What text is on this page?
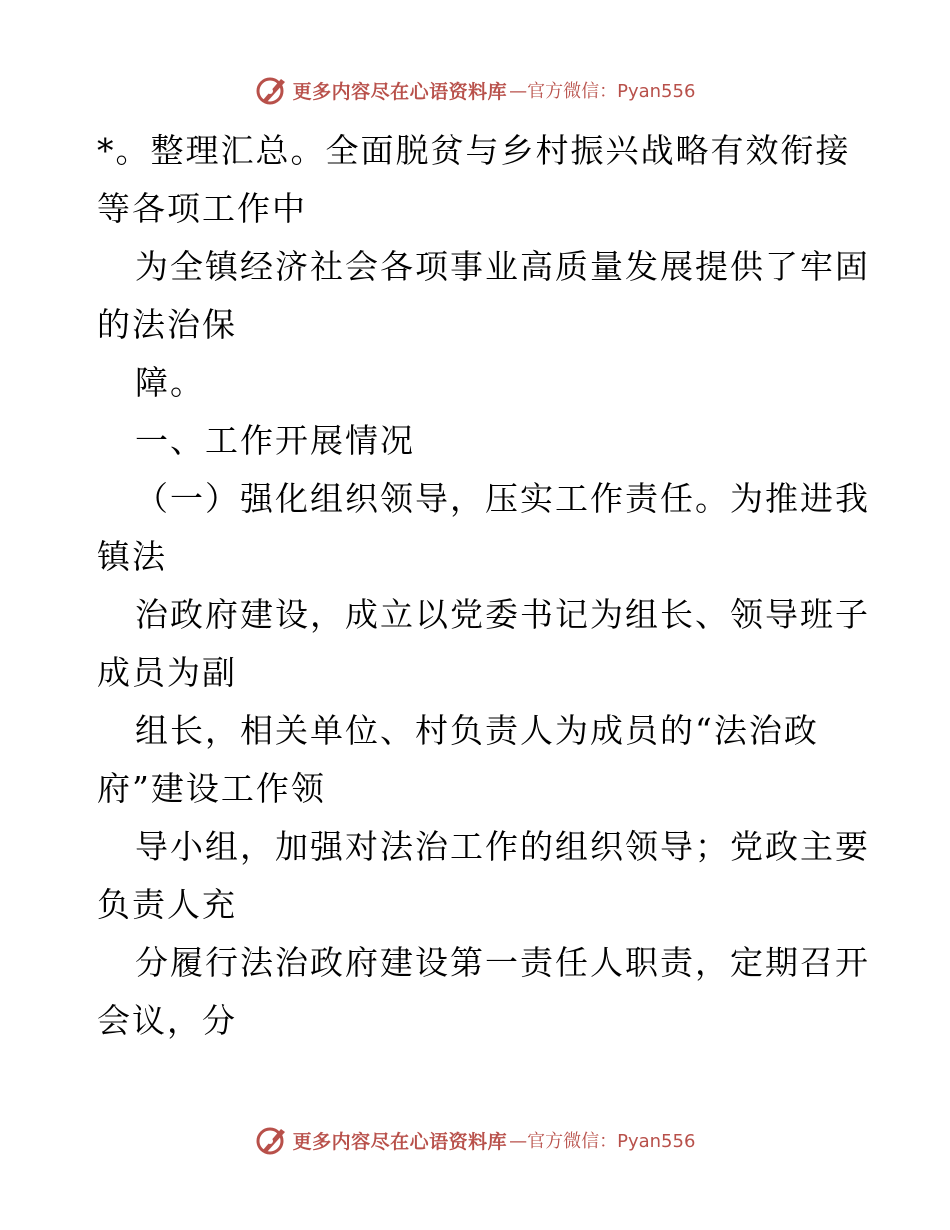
更多内容尽在心语资料库 —官方微信：Pyan556
*。整理汇总。全面脱贫与乡村振兴战略有效衔接
等各项工作中
为全镇经济社会各项事业高质量发展提供了牢固
的法治保
障。
一、工作开展情况
（一）强化组织领导，压实工作责任。为推进我
镇法
治政府建设，成立以党委书记为组长、领导班子
成员为副
组长，相关单位、村负责人为成员的“法治政
府”建设工作领
导小组，加强对法治工作的组织领导；党政主要
负责人充
分履行法治政府建设第一责任人职责，定期召开
会议，分
更多内容尽在心语资料库 —官方微信：Pyan556
